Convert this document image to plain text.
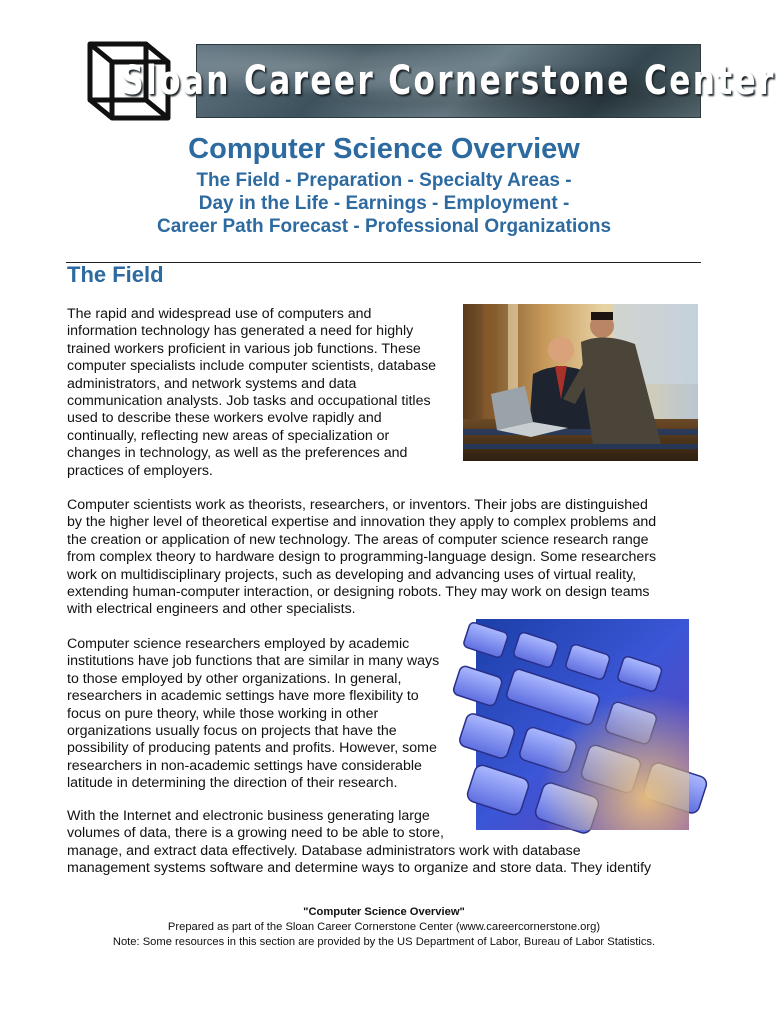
Sloan Career Cornerstone Center
Computer Science Overview
The Field - Preparation - Specialty Areas -
Day in the Life - Earnings - Employment -
Career Path Forecast - Professional Organizations
The Field
The rapid and widespread use of computers and
information technology has generated a need for highly
trained workers proficient in various job functions. These
computer specialists include computer scientists, database
administrators, and network systems and data
communication analysts. Job tasks and occupational titles
used to describe these workers evolve rapidly and
continually, reflecting new areas of specialization or
changes in technology, as well as the preferences and
practices of employers.
Computer scientists work as theorists, researchers, or inventors. Their jobs are distinguished
by the higher level of theoretical expertise and innovation they apply to complex problems and
the creation or application of new technology. The areas of computer science research range
from complex theory to hardware design to programming-language design. Some researchers
work on multidisciplinary projects, such as developing and advancing uses of virtual reality,
extending human-computer interaction, or designing robots. They may work on design teams
with electrical engineers and other specialists.
Computer science researchers employed by academic
institutions have job functions that are similar in many ways
to those employed by other organizations. In general,
researchers in academic settings have more flexibility to
focus on pure theory, while those working in other
organizations usually focus on projects that have the
possibility of producing patents and profits. However, some
researchers in non-academic settings have considerable
latitude in determining the direction of their research.
With the Internet and electronic business generating large
volumes of data, there is a growing need to be able to store,
manage, and extract data effectively. Database administrators work with database
management systems software and determine ways to organize and store data. They identify
"Computer Science Overview"
Prepared as part of the Sloan Career Cornerstone Center (www.careercornerstone.org)
Note: Some resources in this section are provided by the US Department of Labor, Bureau of Labor Statistics.
